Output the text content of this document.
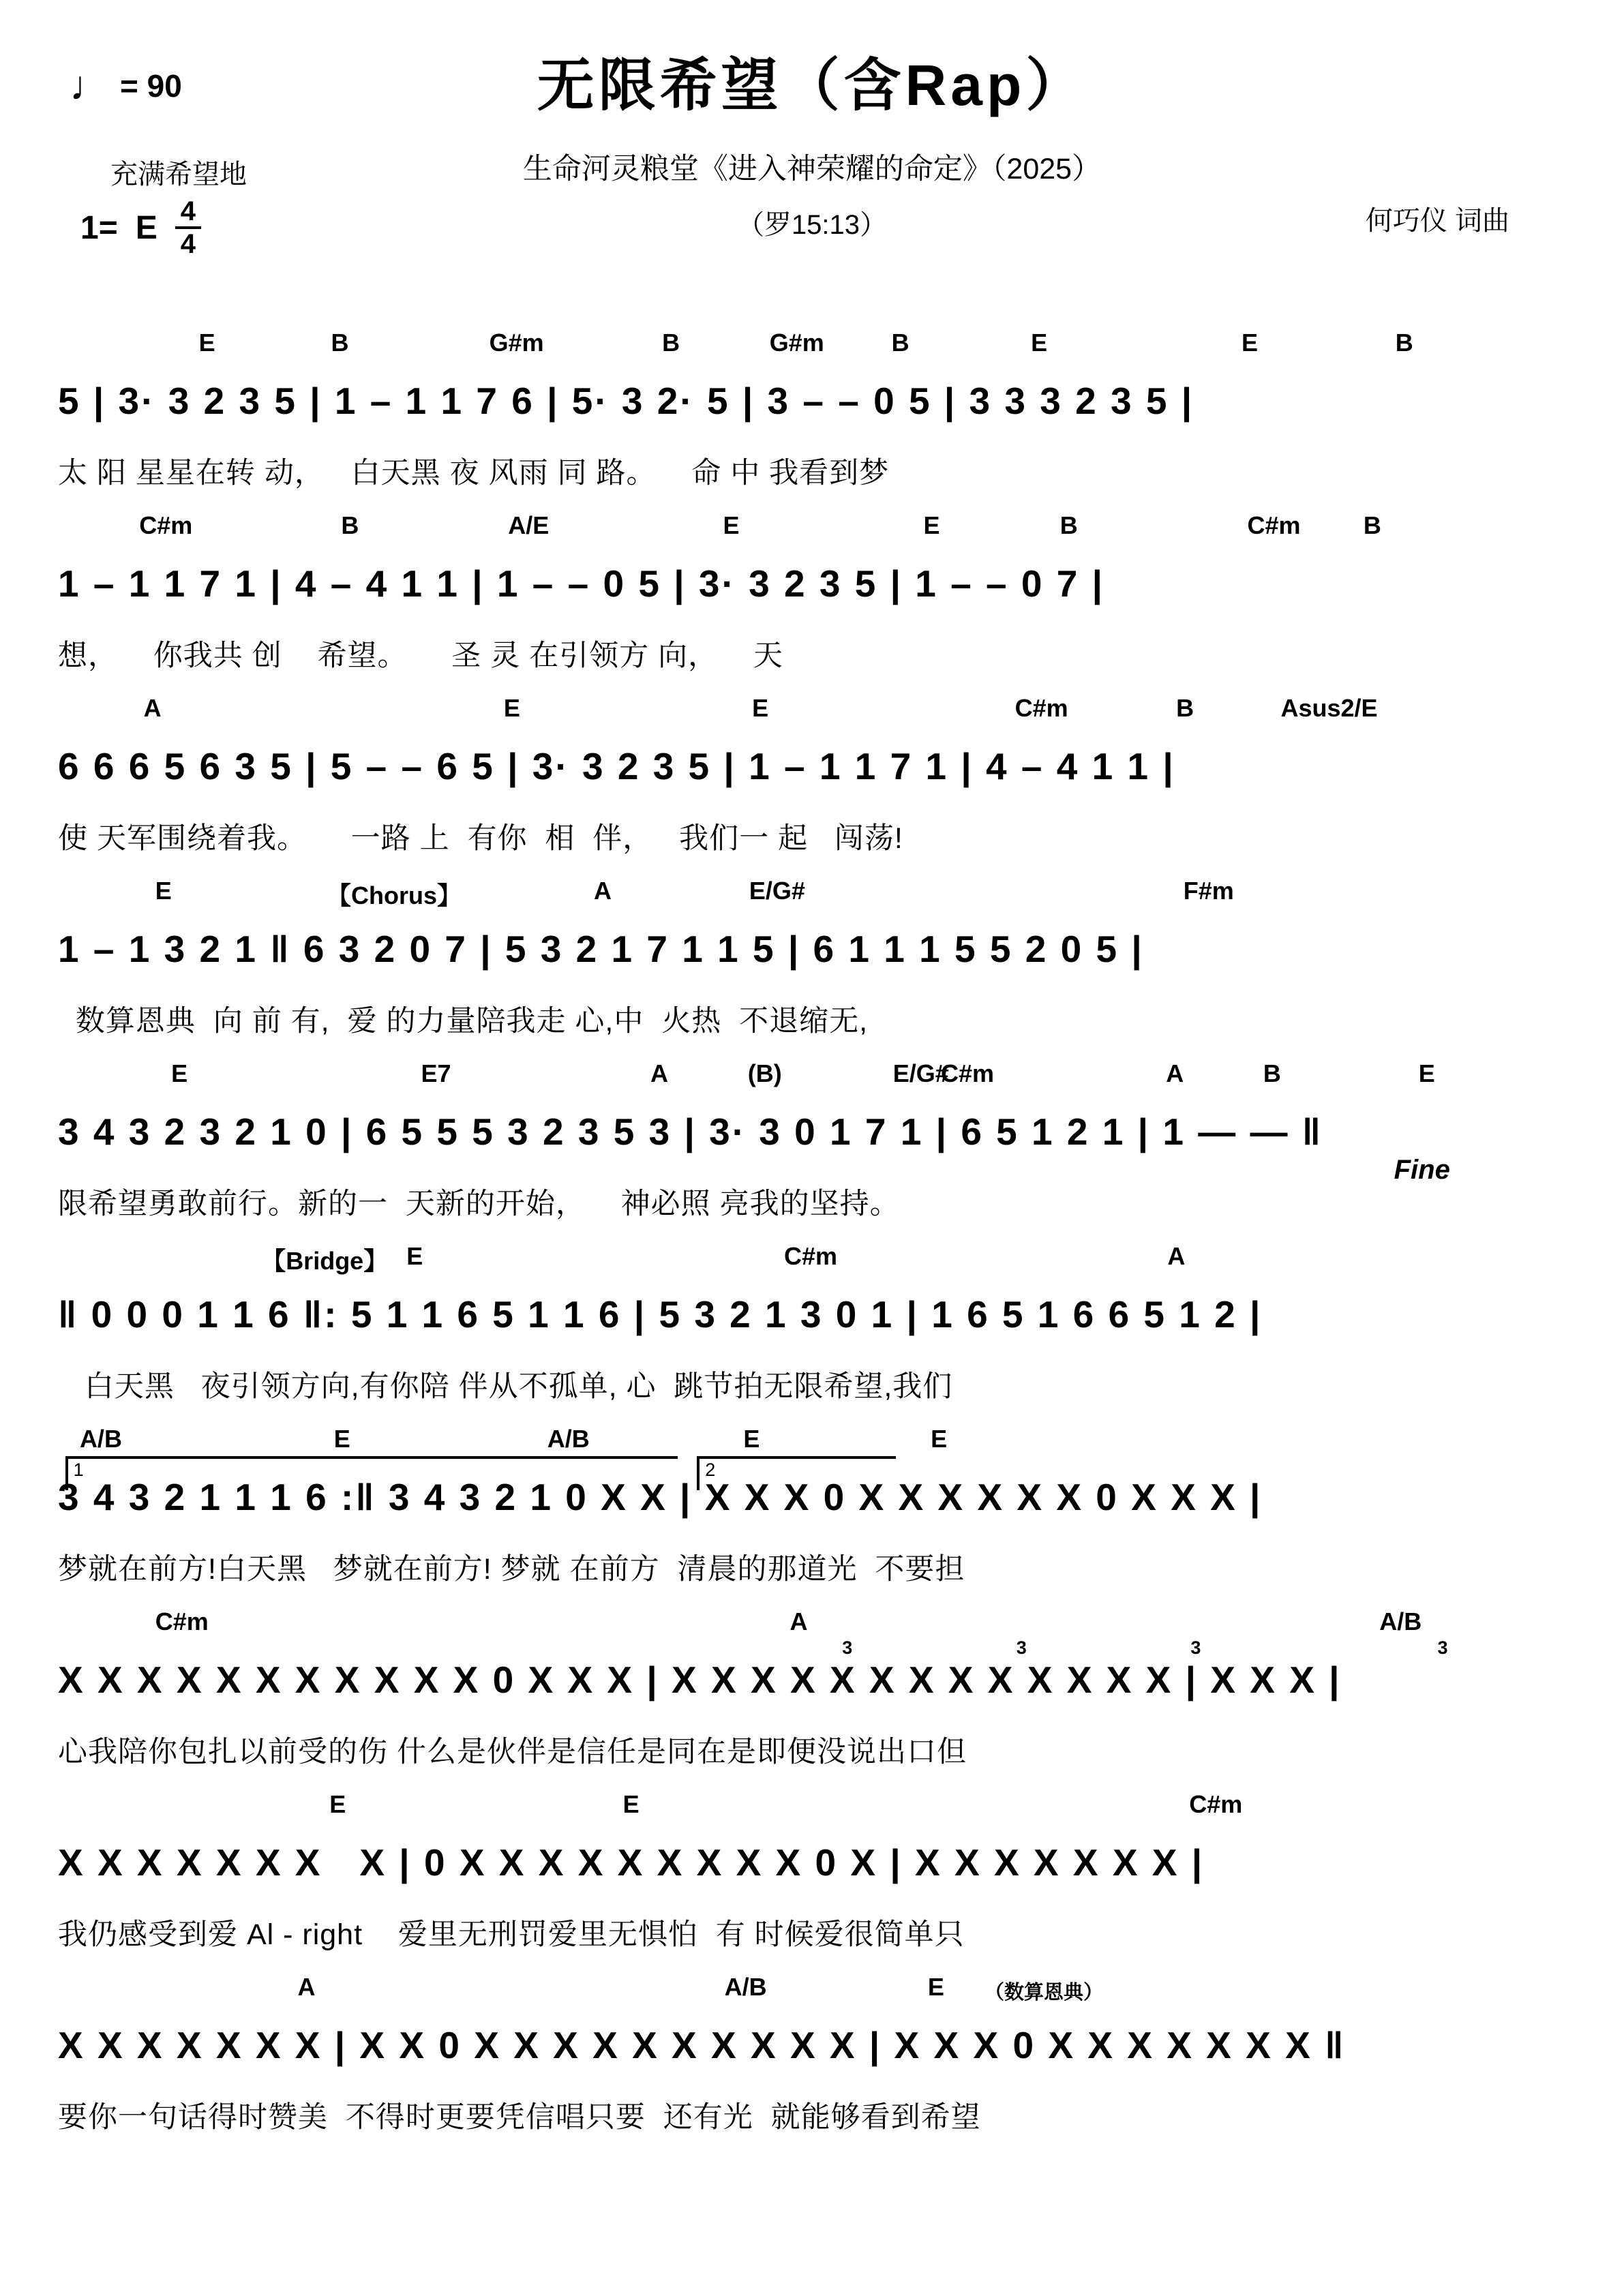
无限希望（含Rap）
♩ = 90
充满希望地
1= E $\frac{4}{4}$
生命河灵粮堂《进入神荣耀的命定》（2025）
（罗15:13）	何巧仪 词曲
E	B	G#m	B	G#m	B	E	E	B
5 | 3· 3 2 3 5 | 1 – 1 1 7 6 | 5· 3 2· 5 | 3 – – 0 5 | 3 3 3 2 3 5 |
太 阳 星星在转 动，   白天黑 夜 风雨 同 路。    命 中 我看到梦
C#m	B	A/E	E	E	B	C#m	B
1 – 1 1 7 1 | 4 – 4 1 1 | 1 – – 0 5 | 3· 3 2 3 5 | 1 – – 0 7 |
想，    你我共 创    希望。     圣 灵 在引领方 向，    天
A	E	E	C#m	B	Asus2/E
6 6 6 5 6 3 5 | 5 – – 6 5 | 3· 3 2 3 5 | 1 – 1 1 7 1 | 4 – 4 1 1 |
使 天军围绕着我。     一路 上  有你  相  伴，   我们一 起   闯荡!
E	【Chorus】	A	E/G#	F#m
1 – 1 3 2 1 ‖ 6 3 2 0 7 | 5 3 2 1 7 1 1 5 | 6 1 1 1 5 5 2 0 5 |
数算恩典  向 前 有,  爱 的力量陪我走 心,中  火热  不退缩无,
E	E7	A	(B)	E/G#
C#m	A	B	E
3 4 3 2 3 2 1 0 | 6 5 5 5 3 2 3 5 3 | 3· 3 0 1 7 1 | 6 5 1 2 1 | 1 — — ‖
限希望勇敢前行。新的一  天新的开始，    神必照 亮我的坚持。
Fine
【Bridge】 E	C#m	A
‖ 0 0 0 1 1 6 ‖: 5 1 1 6 5 1 1 6 | 5 3 2 1 3 0 1 | 1 6 5 1 6 6 5 1 2 |
白天黑   夜引领方向,有你陪 伴从不孤单, 心  跳节拍无限希望,我们
A/B	E	A/B	E	E
1	2
3 4 3 2 1 1 1 6 :‖ 3 4 3 2 1 0 X X | X X X 0 X X X X X X 0 X X X |
梦就在前方!白天黑   梦就在前方! 梦就 在前方  清晨的那道光  不要担
C#m	A	A/B
3	3	3	3
X X X X X X X X X X X 0 X X X | X X X X X X X X X X X X X | X X X |
心我陪你包扎以前受的伤 什么是伙伴是信任是同在是即便没说出口但
E	E	C#m
X X X X X X X   X | 0 X X X X X X X X X 0 X | X X X X X X X |
我仍感受到爱 Al - right    爱里无刑罚爱里无惧怕  有 时候爱很简单只
A	A/B	E （数算恩典）
X X X X X X X | X X 0 X X X X X X X X X X | X X X 0 X X X X X X X ‖
要你一句话得时赞美  不得时更要凭信唱只要  还有光  就能够看到希望
